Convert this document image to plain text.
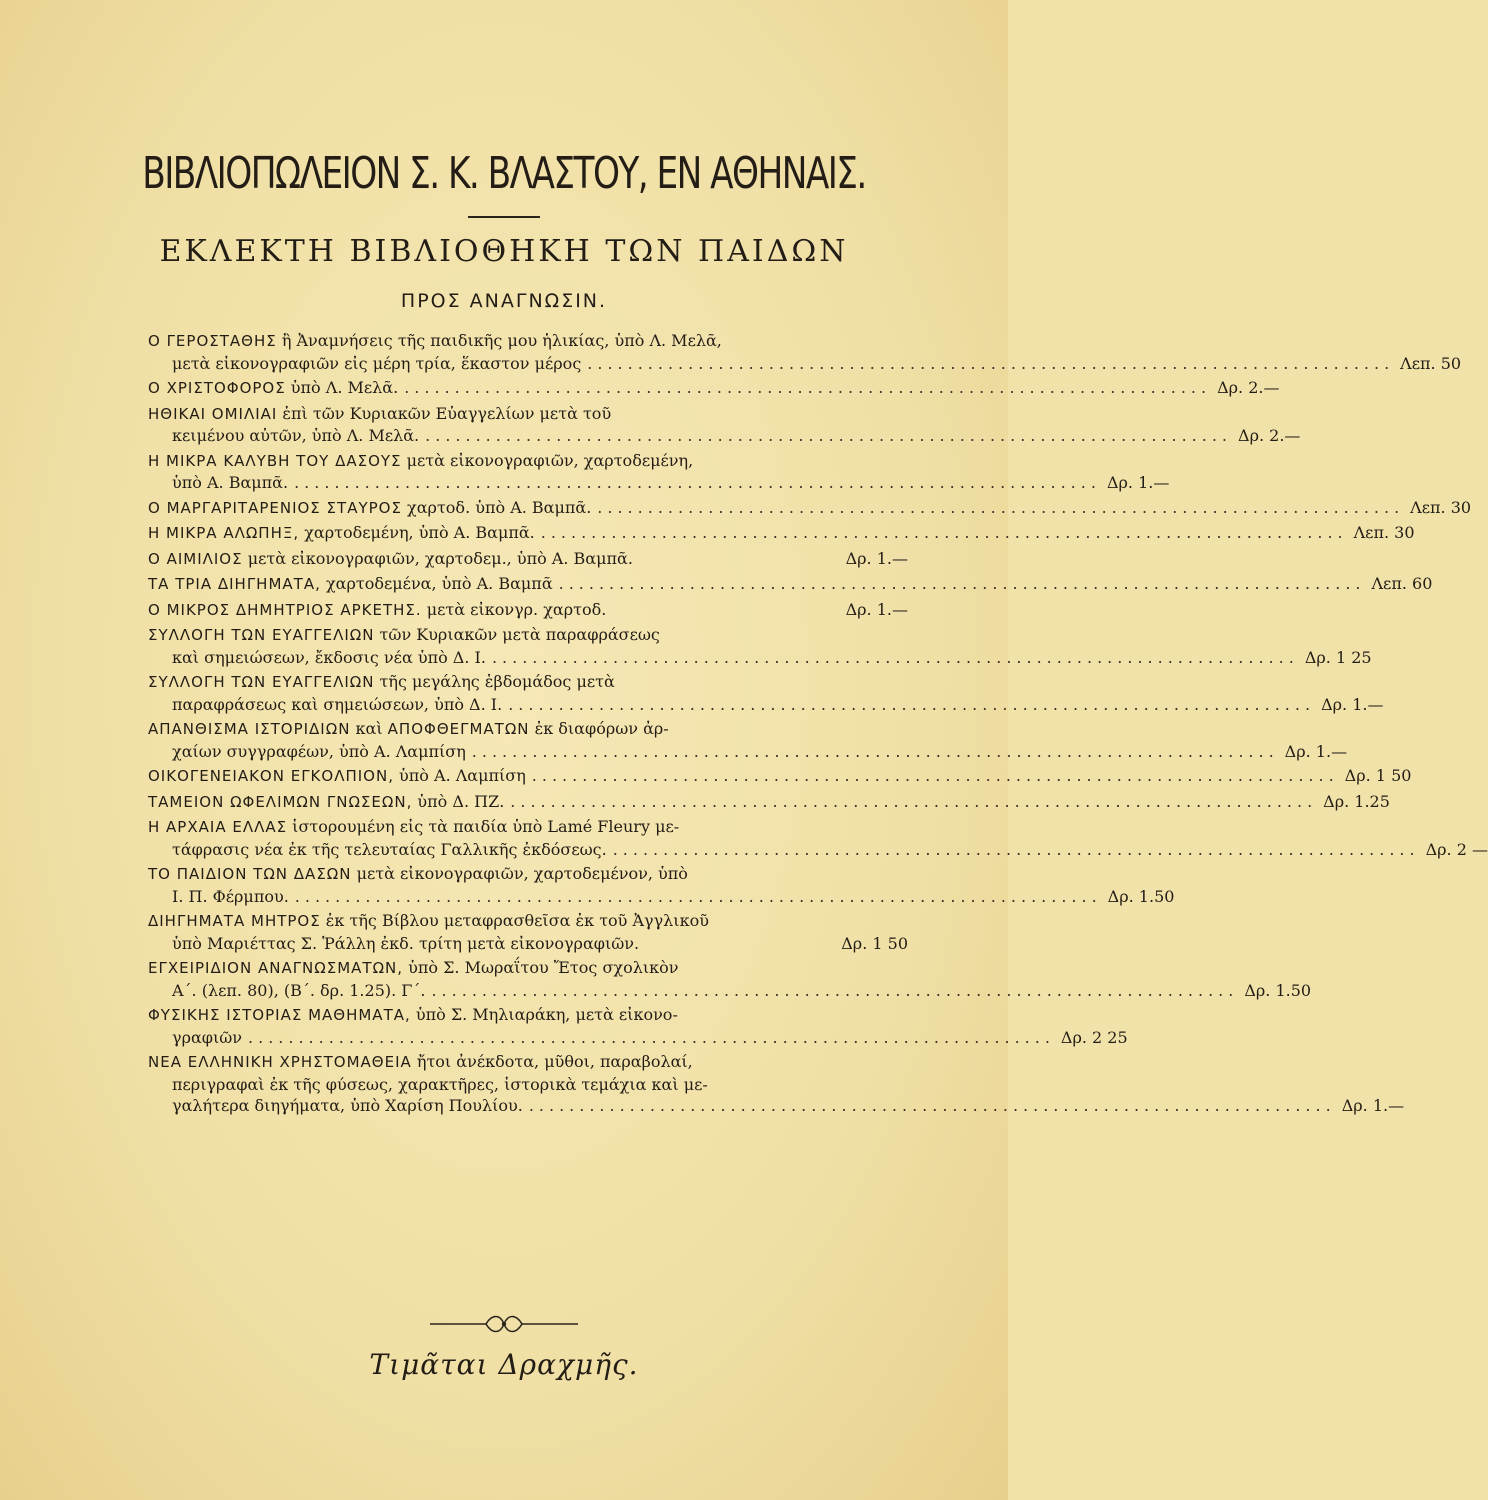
ΒΙΒΛΙΟΠΩΛΕΙΟΝ Σ. Κ. ΒΛΑΣΤΟΥ, ΕΝ ΑΘΗΝΑΙΣ.
ΕΚΛΕΚΤΗ ΒΙΒΛΙΟΘΗΚΗ ΤΩΝ ΠΑΙΔΩΝ
ΠΡΟΣ ΑΝΑΓΝΩΣΙΝ.
Ο ΓΕΡΟΣΤΑΘΗΣ ἢ Ἀναμνήσεις τῆς παιδικῆς μου ἡλικίας, ὑπὸ Λ. Μελᾶ,
μετὰ εἰκονογραφιῶν εἰς μέρη τρία, ἕκαστον μέρος ................................................................................ Λεπ. 50
Ο ΧΡΙΣΤΟΦΟΡΟΣ ὑπὸ Λ. Μελᾶ. ................................................................................ Δρ. 2.—
ΗΘΙΚΑΙ ΟΜΙΛΙΑΙ ἐπὶ τῶν Κυριακῶν Εὐαγγελίων μετὰ τοῦ
κειμένου αὐτῶν, ὑπὸ Λ. Μελᾶ. ................................................................................ Δρ. 2.—
Η ΜΙΚΡΑ ΚΑΛΥΒΗ ΤΟΥ ΔΑΣΟΥΣ μετὰ εἰκονογραφιῶν, χαρτοδεμένη,
ὑπὸ Α. Βαμπᾶ. ................................................................................ Δρ. 1.—
Ο ΜΑΡΓΑΡΙΤΑΡΕΝΙΟΣ ΣΤΑΥΡΟΣ χαρτοδ. ὑπὸ Α. Βαμπᾶ. ................................................................................ Λεπ. 30
Η ΜΙΚΡΑ ΑΛΩΠΗΞ, χαρτοδεμένη, ὑπὸ Α. Βαμπᾶ. ................................................................................ Λεπ. 30
Ο ΑΙΜΙΛΙΟΣ μετὰ εἰκονογραφιῶν, χαρτοδεμ., ὑπὸ Α. Βαμπᾶ.	Δρ. 1.—
ΤΑ ΤΡΙΑ ΔΙΗΓΗΜΑΤΑ, χαρτοδεμένα, ὑπὸ Α. Βαμπᾶ ................................................................................ Λεπ. 60
Ο ΜΙΚΡΟΣ ΔΗΜΗΤΡΙΟΣ ΑΡΚΕΤΗΣ. μετὰ εἰκονγρ. χαρτοδ.	Δρ. 1.—
ΣΥΛΛΟΓΗ ΤΩΝ ΕΥΑΓΓΕΛΙΩΝ τῶν Κυριακῶν μετὰ παραφράσεως
καὶ σημειώσεων, ἔκδοσις νέα ὑπὸ Δ. Ι. ................................................................................ Δρ. 1 25
ΣΥΛΛΟΓΗ ΤΩΝ ΕΥΑΓΓΕΛΙΩΝ τῆς μεγάλης ἑβδομάδος μετὰ
παραφράσεως καὶ σημειώσεων, ὑπὸ Δ. Ι. ................................................................................ Δρ. 1.—
ΑΠΑΝΘΙΣΜΑ ΙΣΤΟΡΙΔΙΩΝ καὶ ΑΠΟΦΘΕΓΜΑΤΩΝ ἐκ διαφόρων ἀρ-
χαίων συγγραφέων, ὑπὸ Α. Λαμπίση ................................................................................ Δρ. 1.—
ΟΙΚΟΓΕΝΕΙΑΚΟΝ ΕΓΚΟΛΠΙΟΝ, ὑπὸ Α. Λαμπίση ................................................................................ Δρ. 1 50
ΤΑΜΕΙΟΝ ΩΦΕΛΙΜΩΝ ΓΝΩΣΕΩΝ, ὑπὸ Δ. ΠΖ. ................................................................................ Δρ. 1.25
Η ΑΡΧΑΙΑ ΕΛΛΑΣ ἱστορουμένη εἰς τὰ παιδία ὑπὸ Lamé Fleury με-
τάφρασις νέα ἐκ τῆς τελευταίας Γαλλικῆς ἐκδόσεως. ................................................................................ Δρ. 2 —
ΤΟ ΠΑΙΔΙΟΝ ΤΩΝ ΔΑΣΩΝ μετὰ εἰκονογραφιῶν, χαρτοδεμένον, ὑπὸ
Ι. Π. Φέρμπου. ................................................................................ Δρ. 1.50
ΔΙΗΓΗΜΑΤΑ ΜΗΤΡΟΣ ἐκ τῆς Βίβλου μεταφρασθεῖσα ἐκ τοῦ Ἀγγλικοῦ
ὑπὸ Μαριέττας Σ. Ῥάλλη ἐκδ. τρίτη μετὰ εἰκονογραφιῶν.	Δρ. 1 50
ΕΓΧΕΙΡΙΔΙΟΝ ΑΝΑΓΝΩΣΜΑΤΩΝ, ὑπὸ Σ. Μωραΐτου Ἔτος σχολικὸν
Α΄. (λεπ. 80), (Β΄. δρ. 1.25). Γ΄. ................................................................................ Δρ. 1.50
ΦΥΣΙΚΗΣ ΙΣΤΟΡΙΑΣ ΜΑΘΗΜΑΤΑ, ὑπὸ Σ. Μηλιαράκη, μετὰ εἰκονο-
γραφιῶν ................................................................................ Δρ. 2 25
ΝΕΑ ΕΛΛΗΝΙΚΗ ΧΡΗΣΤΟΜΑΘΕΙΑ ἤτοι ἀνέκδοτα, μῦθοι, παραβολαί,
περιγραφαὶ ἐκ τῆς φύσεως, χαρακτῆρες, ἱστορικὰ τεμάχια καὶ με-
γαλήτερα διηγήματα, ὑπὸ Χαρίση Πουλίου. ................................................................................ Δρ. 1.—
Τιμᾶται Δραχμῆς.
